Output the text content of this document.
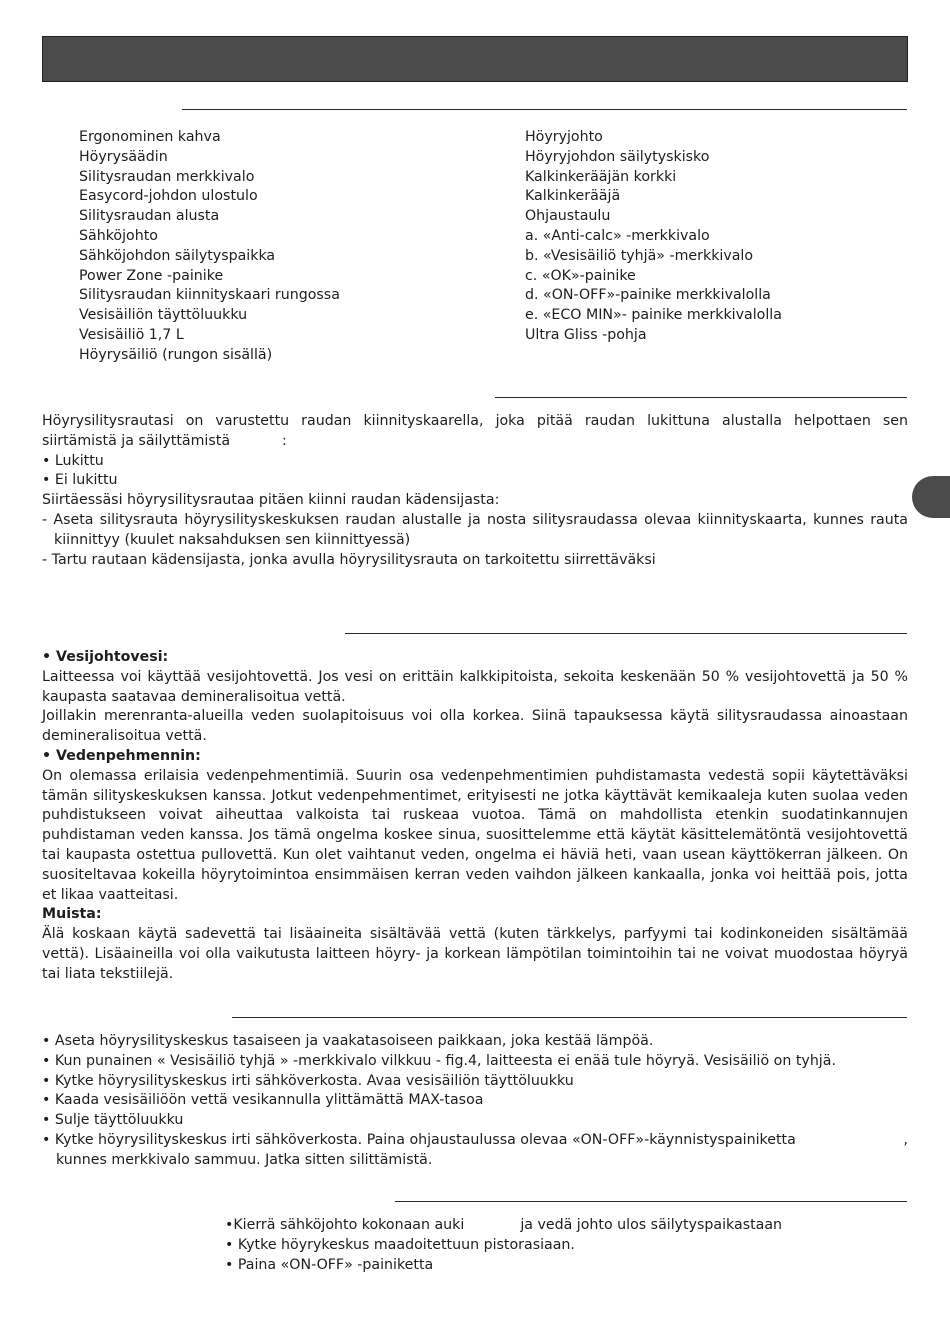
Ergonominen kahva
Höyrysäädin
Silitysraudan merkkivalo
Easycord-johdon ulostulo
Silitysraudan alusta
Sähköjohto
Sähköjohdon säilytyspaikka
Power Zone -painike
Silitysraudan kiinnityskaari rungossa
Vesisäiliön täyttöluukku
Vesisäiliö 1,7 L
Höyrysäiliö (rungon sisällä)
Höyryjohto
Höyryjohdon säilytyskisko
Kalkinkerääjän korkki
Kalkinkerääjä
Ohjaustaulu
a. «Anti-calc» -merkkivalo
b. «Vesisäiliö tyhjä» -merkkivalo
c. «OK»-painike
d. «ON-OFF»-painike merkkivalolla
e. «ECO MIN»- painike merkkivalolla
Ultra Gliss -pohja

Höyrysilitysrautasi on varustettu raudan kiinnityskaarella, joka pitää raudan lukittuna alustalla helpottaen sen

siirtämistä ja säilyttämistä	:
• Lukittu
• Ei lukittu
Siirtäessäsi höyrysilitysrautaa pitäen kiinni raudan kädensijasta:

- Aseta silitysrauta höyrysilityskeskuksen raudan alustalle ja nosta silitysraudassa olevaa kiinnityskaarta, kunnes rauta

kiinnittyy (kuulet naksahduksen sen kiinnittyessä)
- Tartu rautaan kädensijasta, jonka avulla höyrysilitysrauta on tarkoitettu siirrettäväksi
• Vesijohtovesi:

Laitteessa voi käyttää vesijohtovettä. Jos vesi on erittäin kalkkipitoista, sekoita keskenään 50 % vesijohtovettä ja 50 % kaupasta saatavaa demineralisoitua vettä.

Joillakin merenranta-alueilla veden suolapitoisuus voi olla korkea. Siinä tapauksessa käytä silitysraudassa ainoastaan demineralisoitua vettä.

• Vedenpehmennin:

On olemassa erilaisia vedenpehmentimiä. Suurin osa vedenpehmentimien puhdistamasta vedestä sopii käytettäväksi tämän silityskeskuksen kanssa. Jotkut vedenpehmentimet, erityisesti ne jotka käyttävät kemikaaleja kuten suolaa veden puhdistukseen voivat aiheuttaa valkoista tai ruskeaa vuotoa. Tämä on mahdollista etenkin suodatinkannujen puhdistaman veden kanssa. Jos tämä ongelma koskee sinua, suosittelemme että käytät käsittelemätöntä vesijohtovettä tai kaupasta ostettua pullovettä. Kun olet vaihtanut veden, ongelma ei häviä heti, vaan usean käyttökerran jälkeen. On suositeltavaa kokeilla höyrytoimintoa ensimmäisen kerran veden vaihdon jälkeen kankaalla, jonka voi heittää pois, jotta et likaa vaatteitasi.

Muista:

Älä koskaan käytä sadevettä tai lisäaineita sisältävää vettä (kuten tärkkelys, parfyymi tai kodinkoneiden sisältämää vettä). Lisäaineilla voi olla vaikutusta laitteen höyry- ja korkean lämpötilan toimintoihin tai ne voivat muodostaa höyryä tai liata tekstiilejä.

• Aseta höyrysilityskeskus tasaiseen ja vaakatasoiseen paikkaan, joka kestää lämpöä.
• Kun punainen « Vesisäiliö tyhjä » -merkkivalo vilkkuu - fig.4, laitteesta ei enää tule höyryä. Vesisäiliö on tyhjä.
• Kytke höyrysilityskeskus irti sähköverkosta. Avaa vesisäiliön täyttöluukku
• Kaada vesisäiliöön vettä vesikannulla ylittämättä MAX-tasoa
• Sulje täyttöluukku
• Kytke höyrysilityskeskus irti sähköverkosta. Paina ohjaustaulussa olevaa «ON-OFF»-käynnistyspainiketta	,
kunnes merkkivalo sammuu. Jatka sitten silittämistä.
•Kierrä sähköjohto kokonaan auki	ja vedä johto ulos säilytyspaikastaan
• Kytke höyrykeskus maadoitettuun pistorasiaan.
• Paina «ON-OFF» -painiketta
